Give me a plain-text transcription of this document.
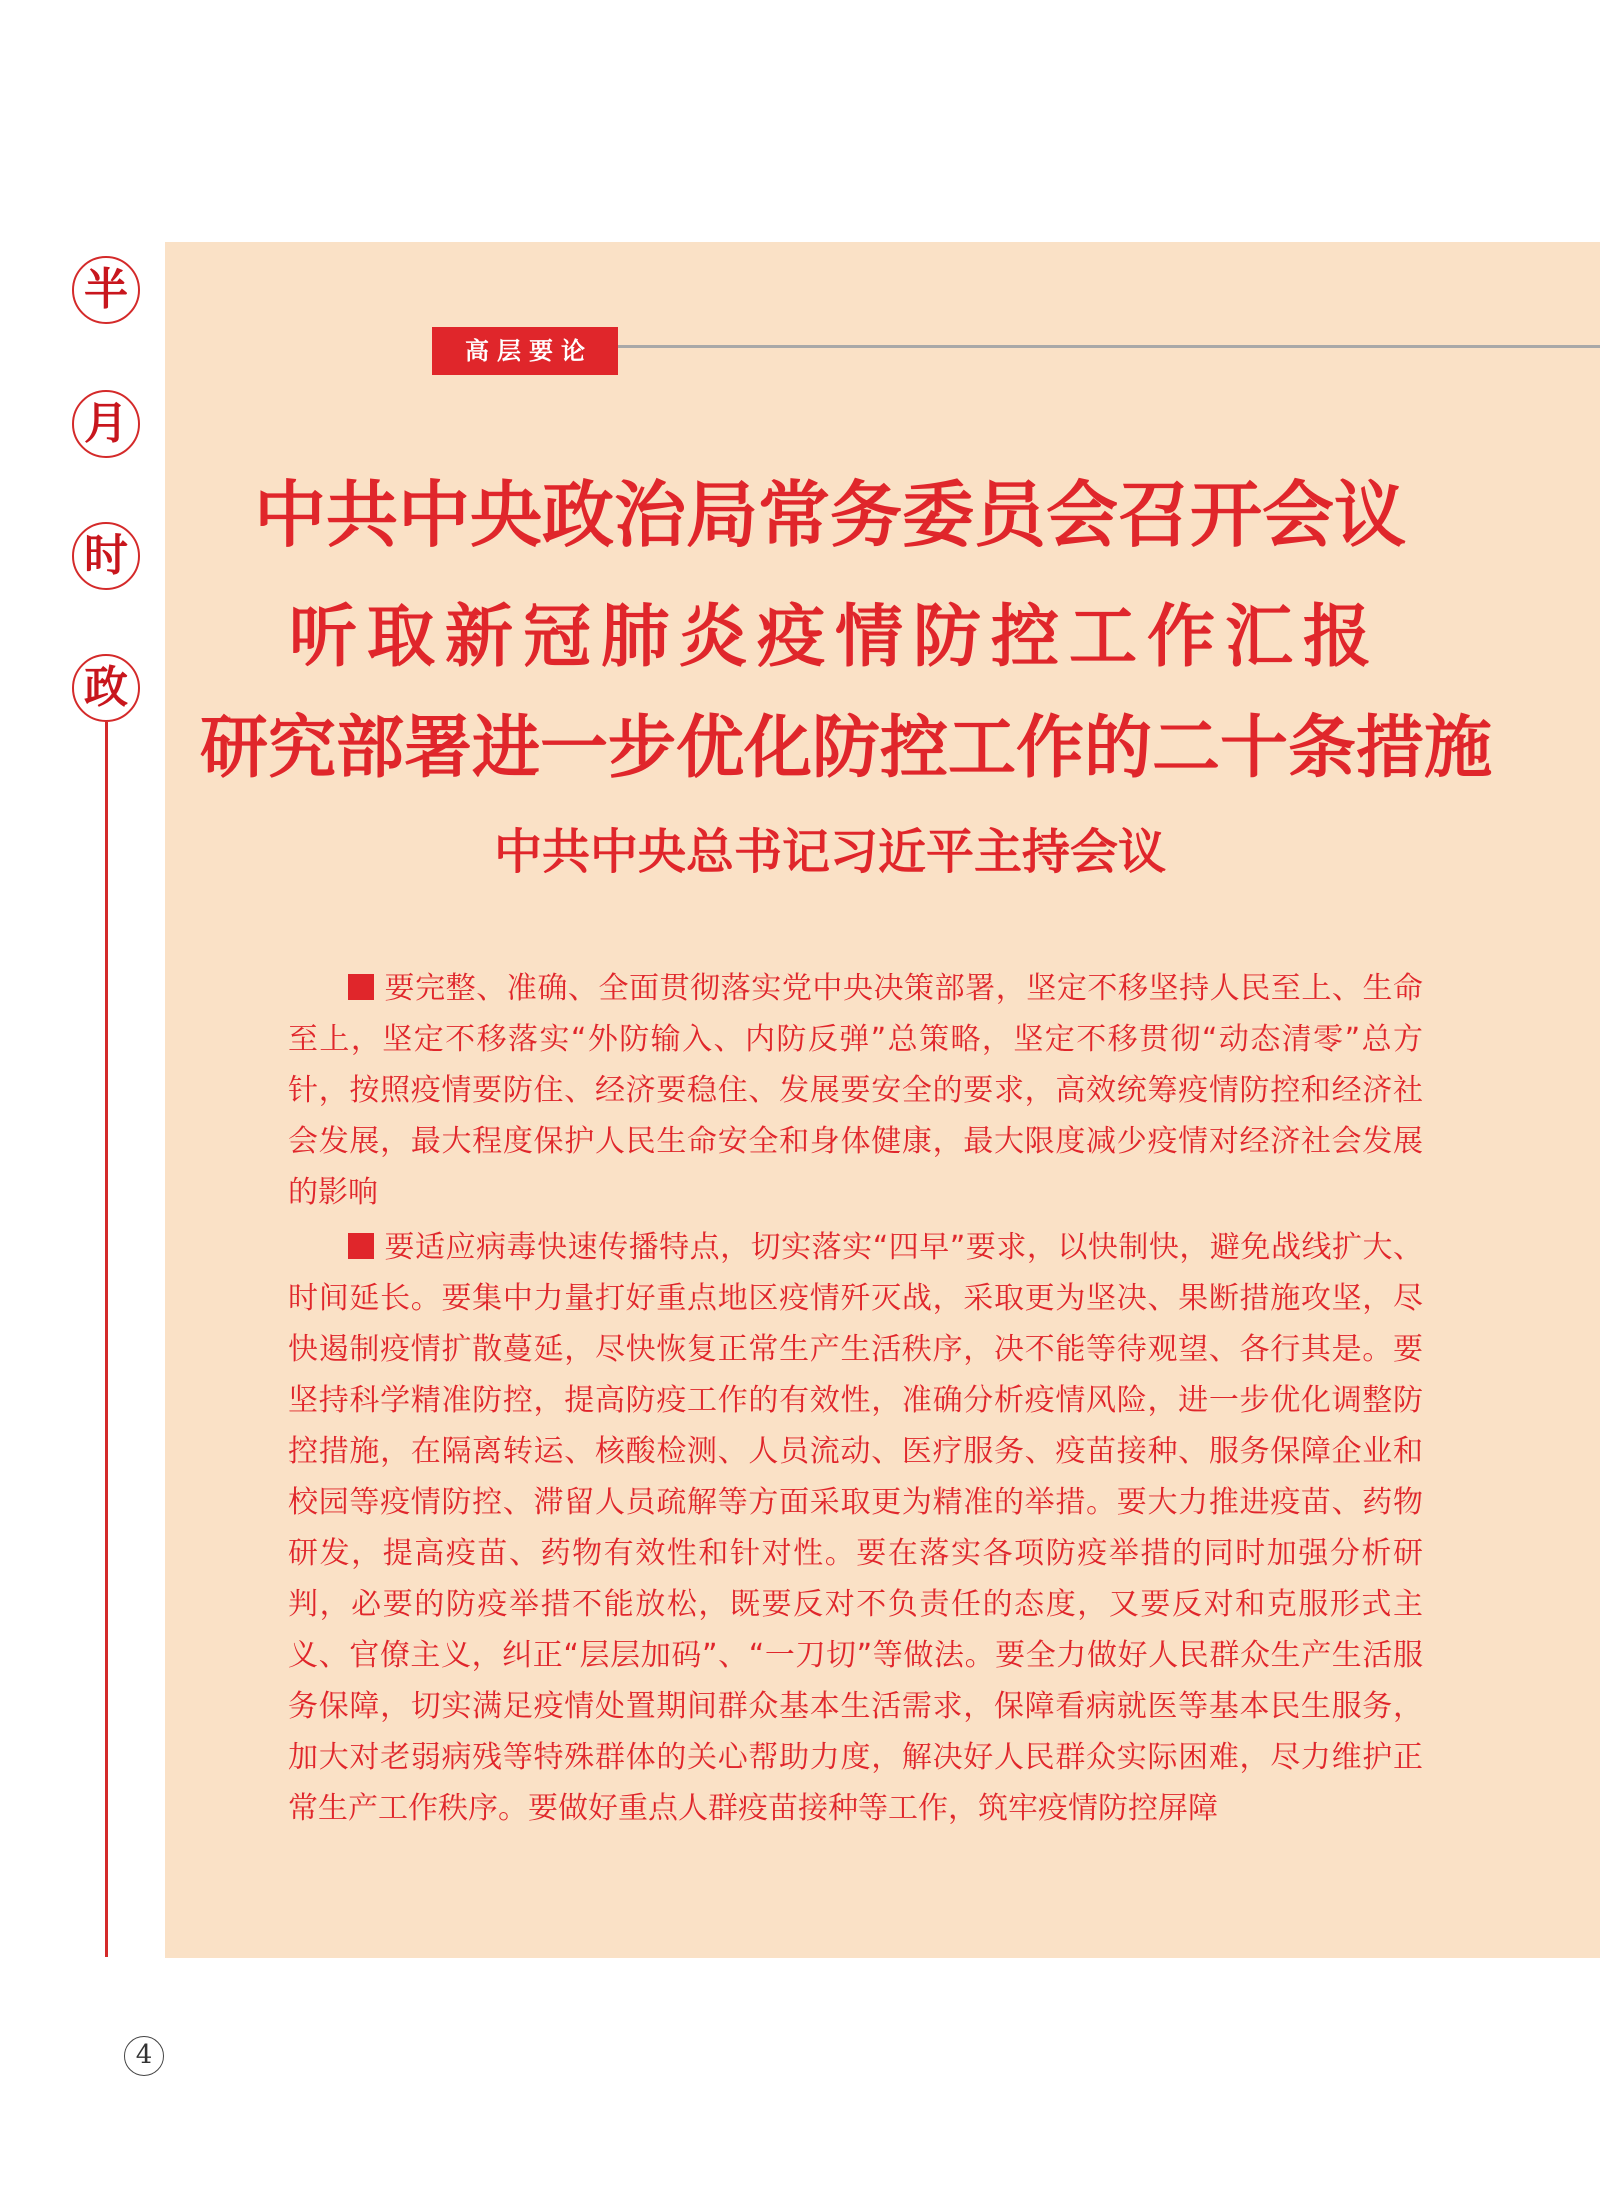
半
月
时
政
高层要论
中共中央政治局常务委员会召开会议
听取新冠肺炎疫情防控工作汇报
研究部署进一步优化防控工作的二十条措施
中共中央总书记习近平主持会议

要完整、准确、全面贯彻落实党中央决策部署，坚定不移坚持人民至上、生命至上，坚定不移落实“外防输入、内防反弹”总策略，坚定不移贯彻“动态清零”总方针，按照疫情要防住、经济要稳住、发展要安全的要求，高效统筹疫情防控和经济社会发展，最大程度保护人民生命安全和身体健康，最大限度减少疫情对经济社会发展的影响

要适应病毒快速传播特点，切实落实“四早”要求，以快制快，避免战线扩大、时间延长。要集中力量打好重点地区疫情歼灭战，采取更为坚决、果断措施攻坚，尽快遏制疫情扩散蔓延，尽快恢复正常生产生活秩序，决不能等待观望、各行其是。要坚持科学精准防控，提高防疫工作的有效性，准确分析疫情风险，进一步优化调整防控措施，在隔离转运、核酸检测、人员流动、医疗服务、疫苗接种、服务保障企业和校园等疫情防控、滞留人员疏解等方面采取更为精准的举措。要大力推进疫苗、药物研发，提高疫苗、药物有效性和针对性。要在落实各项防疫举措的同时加强分析研判，必要的防疫举措不能放松，既要反对不负责任的态度，又要反对和克服形式主义、官僚主义，纠正“层层加码”、“一刀切”等做法。要全力做好人民群众生产生活服务保障，切实满足疫情处置期间群众基本生活需求，保障看病就医等基本民生服务，加大对老弱病残等特殊群体的关心帮助力度，解决好人民群众实际困难，尽力维护正常生产工作秩序。要做好重点人群疫苗接种等工作，筑牢疫情防控屏障

4
